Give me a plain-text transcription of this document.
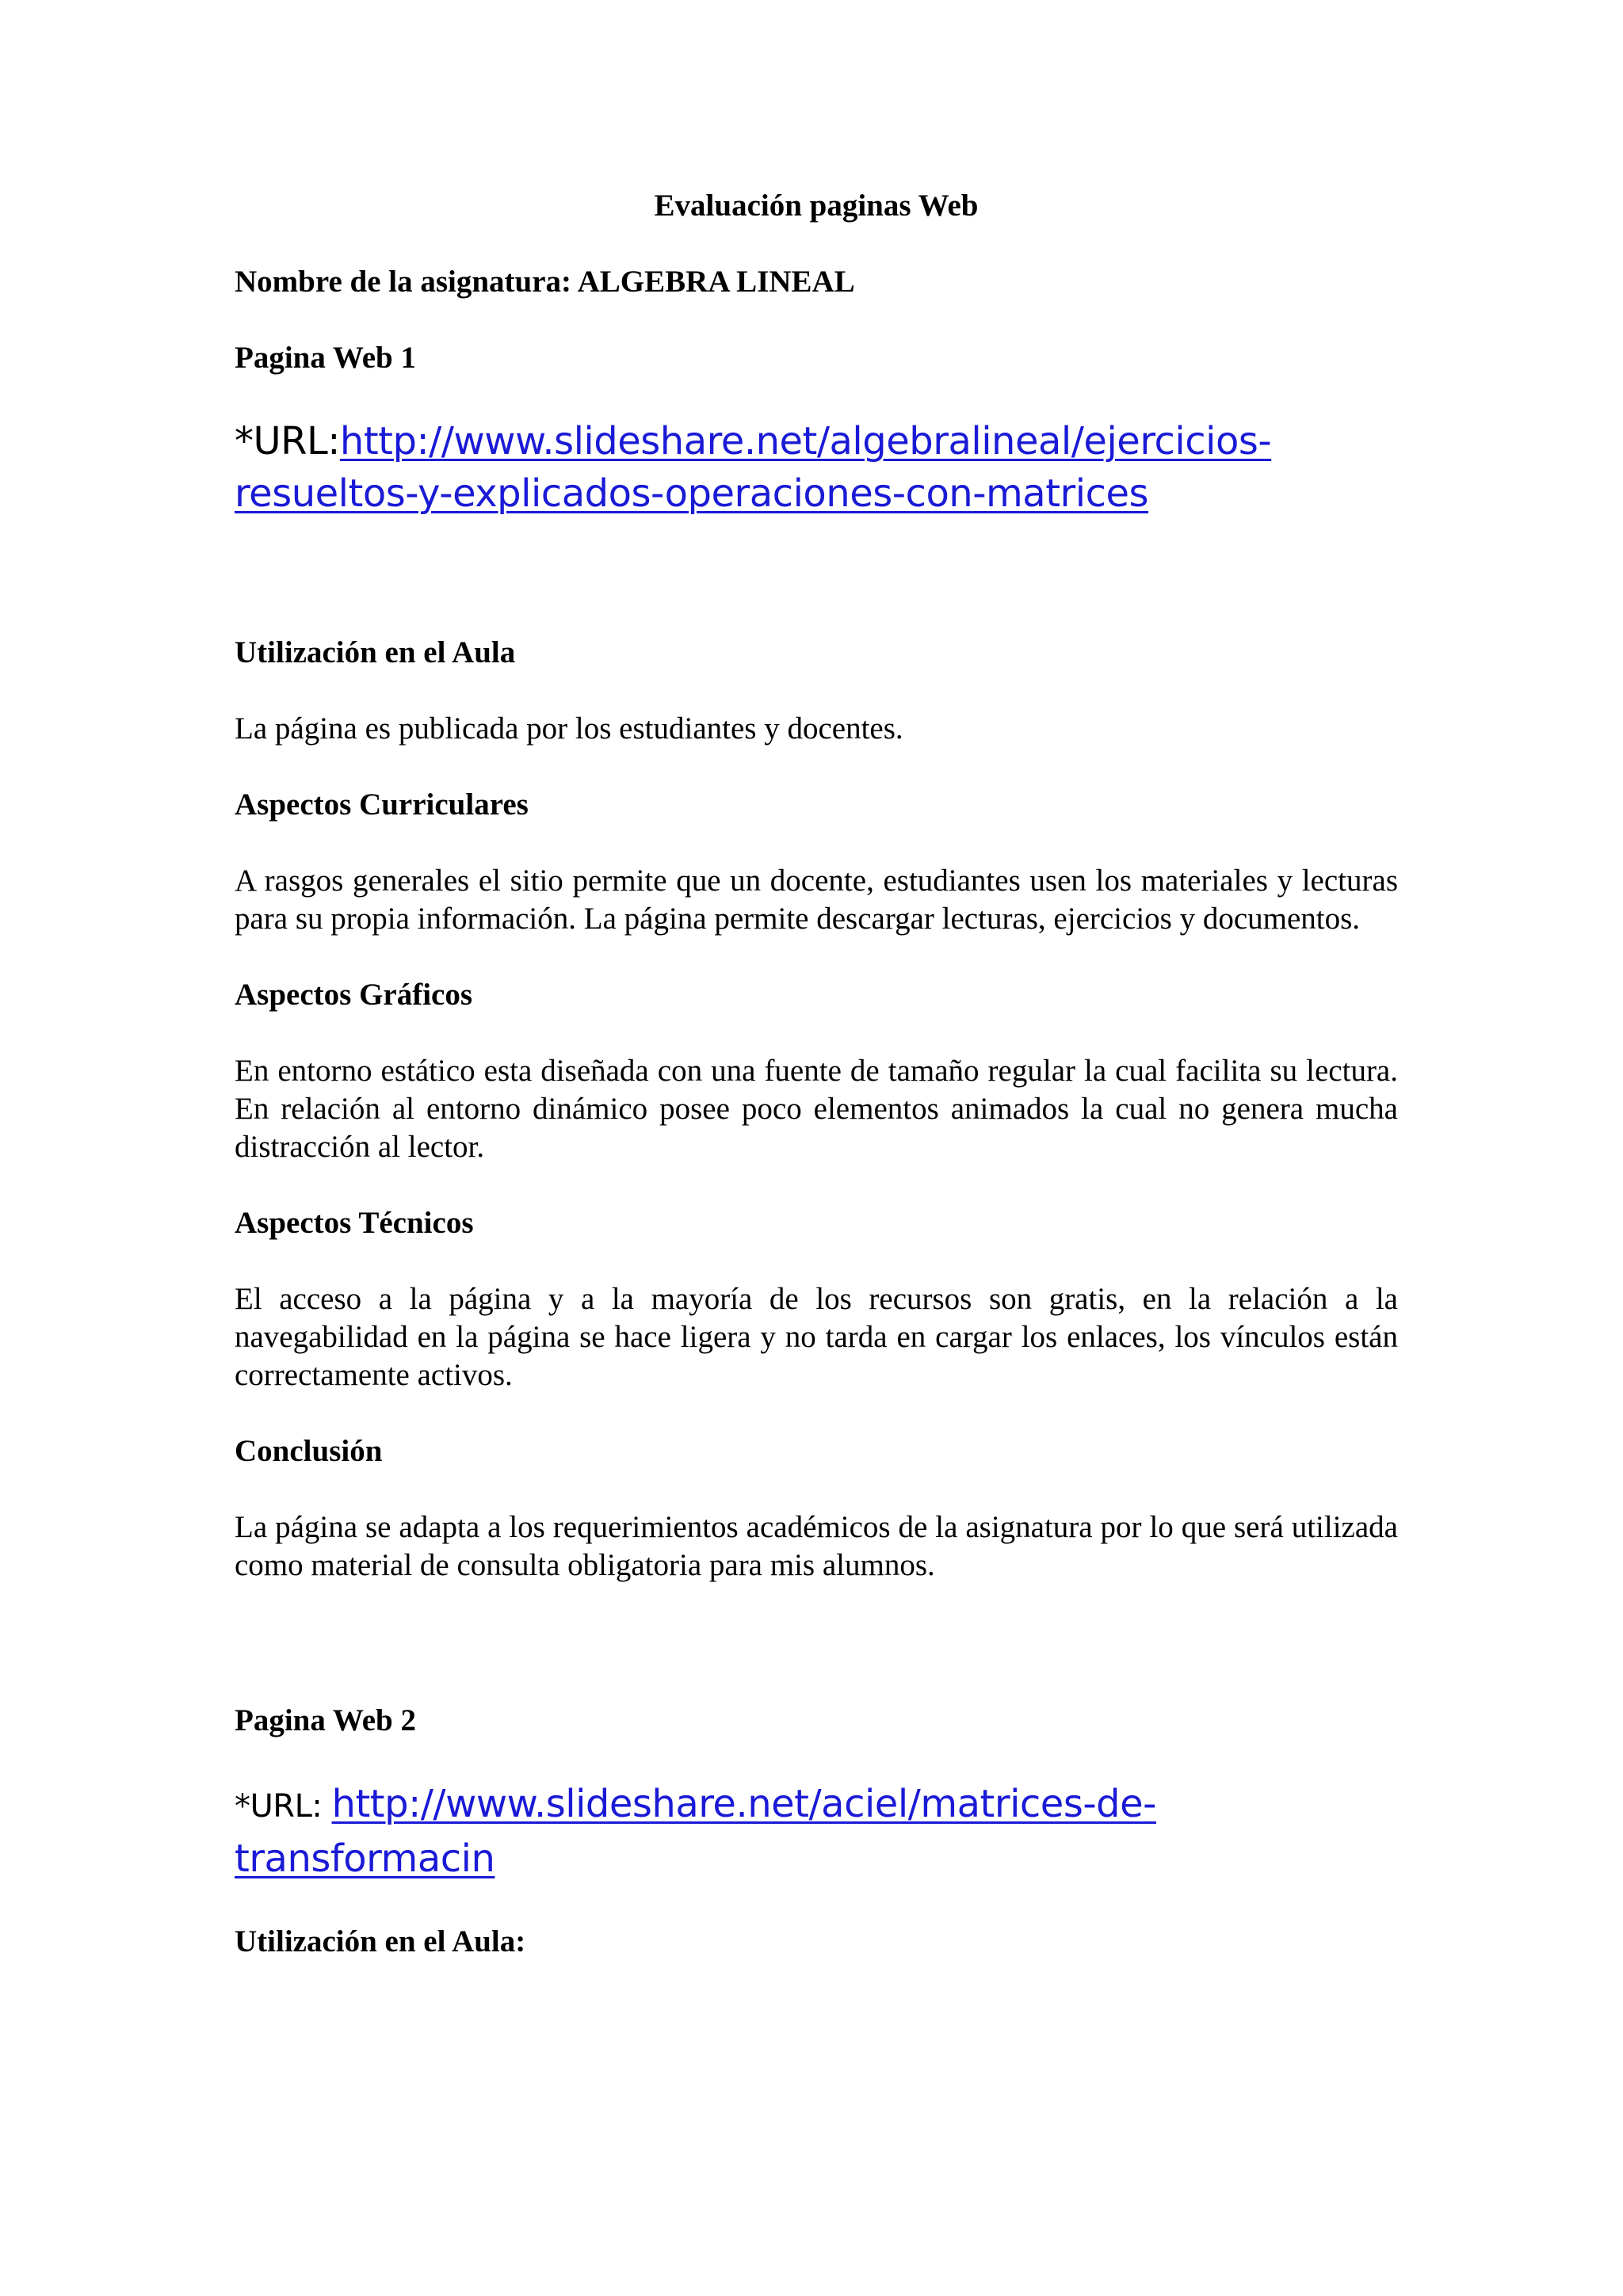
Evaluación paginas Web
Nombre de la asignatura: ALGEBRA LINEAL
Pagina Web 1
*URL:http://www.slideshare.net/algebralineal/ejercicios-
resueltos-y-explicados-operaciones-con-matrices
Utilización en el Aula
La página es publicada por los estudiantes y docentes.
Aspectos Curriculares
A rasgos generales el sitio permite que un docente, estudiantes usen los materiales y lecturas para su propia información. La página permite descargar lecturas, ejercicios y documentos.
Aspectos Gráficos
En entorno estático esta diseñada con una fuente de tamaño regular la cual facilita su lectura. En relación al entorno dinámico posee poco elementos animados la cual no genera mucha distracción al lector.
Aspectos Técnicos
El acceso a la página y a la mayoría de los recursos son gratis, en la relación a la navegabilidad en la página se hace ligera y no tarda en cargar los enlaces, los vínculos están correctamente activos.
Conclusión
La página se adapta a los requerimientos académicos de la asignatura por lo que será utilizada como material de consulta obligatoria para mis alumnos.
Pagina Web 2
*URL: http://www.slideshare.net/aciel/matrices-de-
transformacin
Utilización en el Aula:
